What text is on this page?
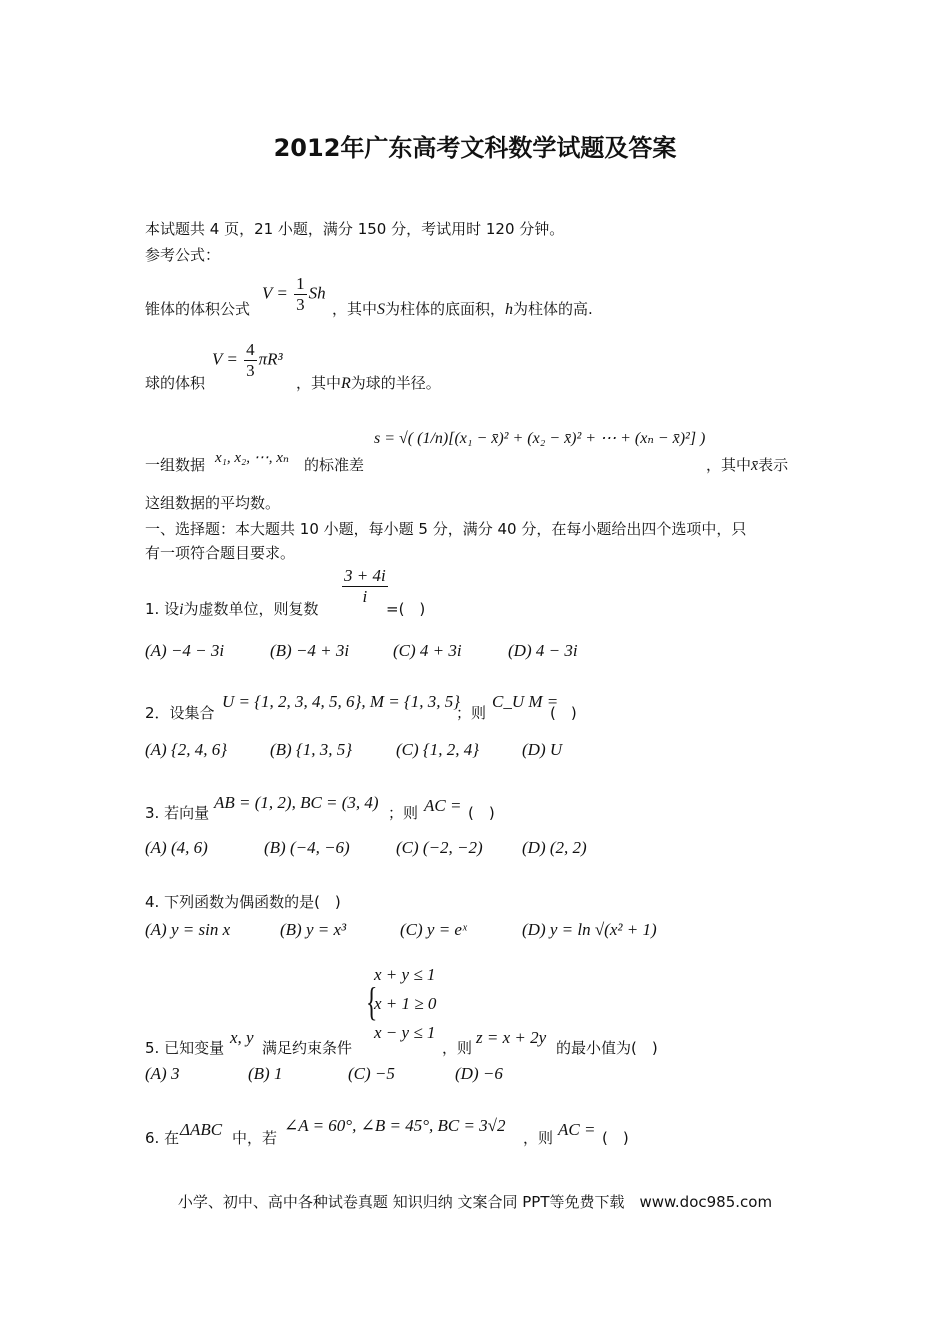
2012年广东高考文科数学试题及答案
本试题共 4 页，21 小题，满分 150 分，考试用时 120 分钟。
参考公式：
锥体的体积公式
$V = \frac{1}{3}$ Sh
，其中S为柱体的底面积，h为柱体的高.
球的体积
$V = \frac{4}{3} \pi R^3$
，其中R为球的半径。
一组数据 x₁, x₂, ⋯, xₙ 的标准差
s = √( (1/n)[(x₁ − x̄)² + (x₂ − x̄)² + ⋯ + (xₙ − x̄)²] )
，其中x̄表示
这组数据的平均数。
一、选择题：本大题共 10 小题，每小题 5 分，满分 40 分，在每小题给出四个选项中，只
有一项符合题目要求。
1. 设i为虚数单位，则复数
$\frac{3 + 4i}{i}$
=(　)
(A) −4 − 3i	(B) −4 + 3i	(C) 4 + 3i	(D) 4 − 3i
2．设集合
U = {1, 2, 3, 4, 5, 6}, M = {1, 3, 5}
；则
C_U M =
(　)
(A) {2, 4, 6}	(B) {1, 3, 5}	(C) {1, 2, 4}	(D) U
3. 若向量
AB = (1, 2), BC = (3, 4)
；则 AC = (　)
(A) (4, 6)	(B) (−4, −6)	(C) (−2, −2) (D) (2, 2)
4. 下列函数为偶函数的是(　)
(A) y = sin x	(B) y = x³	(C) y = eˣ	(D) y = ln √(x² + 1)
5. 已知变量
x, y
满足约束条件
{
x + y ≤ 1
x + 1 ≥ 0
x − y ≤ 1
，则
z = x + 2y
的最小值为(　)
(A) 3	(B) 1	(C) −5	(D) −6
6. 在 ΔABC 中，若
∠A = 60°, ∠B = 45°, BC = 3√2
，则 AC = (　)
小学、初中、高中各种试卷真题 知识归纳 文案合同 PPT等免费下载　www.doc985.com
